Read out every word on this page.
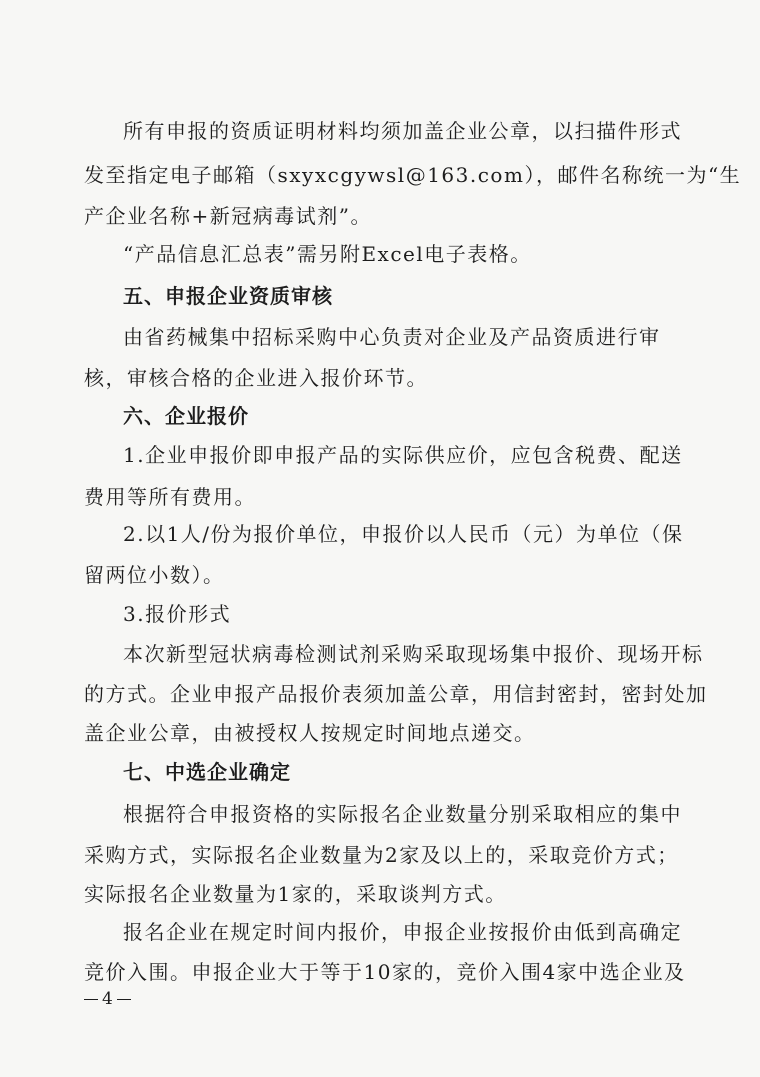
所有申报的资质证明材料均须加盖企业公章，以扫描件形式
发至指定电子邮箱（sxyxcgywsl@163.com），邮件名称统一为“生
产企业名称+新冠病毒试剂”。
“产品信息汇总表”需另附Excel电子表格。
五、申报企业资质审核
由省药械集中招标采购中心负责对企业及产品资质进行审
核，审核合格的企业进入报价环节。
六、企业报价
1.企业申报价即申报产品的实际供应价，应包含税费、配送
费用等所有费用。
2.以1人/份为报价单位，申报价以人民币（元）为单位（保
留两位小数）。
3.报价形式
本次新型冠状病毒检测试剂采购采取现场集中报价、现场开标
的方式。企业申报产品报价表须加盖公章，用信封密封，密封处加
盖企业公章，由被授权人按规定时间地点递交。
七、中选企业确定
根据符合申报资格的实际报名企业数量分别采取相应的集中
采购方式，实际报名企业数量为2家及以上的，采取竞价方式；
实际报名企业数量为1家的，采取谈判方式。
报名企业在规定时间内报价，申报企业按报价由低到高确定
竞价入围。申报企业大于等于10家的，竞价入围4家中选企业及
4
